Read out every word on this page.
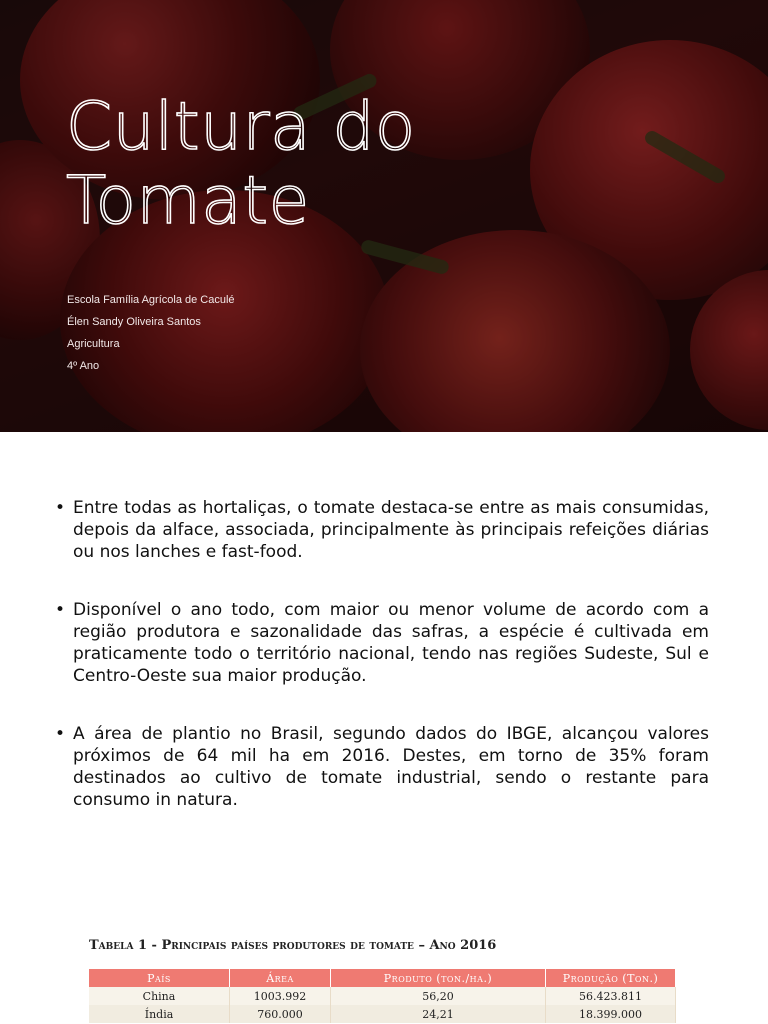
Cultura do
Tomate
Escola Família Agrícola de Caculé
Élen Sandy Oliveira Santos
Agricultura
4º Ano
• Entre todas as hortaliças, o tomate destaca-se entre as mais consumidas, depois da alface, associada, principalmente às principais refeições diárias ou nos lanches e fast-food.
• Disponível o ano todo, com maior ou menor volume de acordo com a região produtora e sazonalidade das safras, a espécie é cultivada em praticamente todo o território nacional, tendo nas regiões Sudeste, Sul e Centro-Oeste sua maior produção.
• A área de plantio no Brasil, segundo dados do IBGE, alcançou valores próximos de 64 mil ha em 2016. Destes, em torno de 35% foram destinados ao cultivo de tomate industrial, sendo o restante para consumo in natura.
Tabela 1 - Principais países produtores de tomate – Ano 2016
País	Área	Produto (ton./ha.)	Produção (Ton.)
China	1003.992	56,20	56.423.811
Índia	760.000	24,21	18.399.000
